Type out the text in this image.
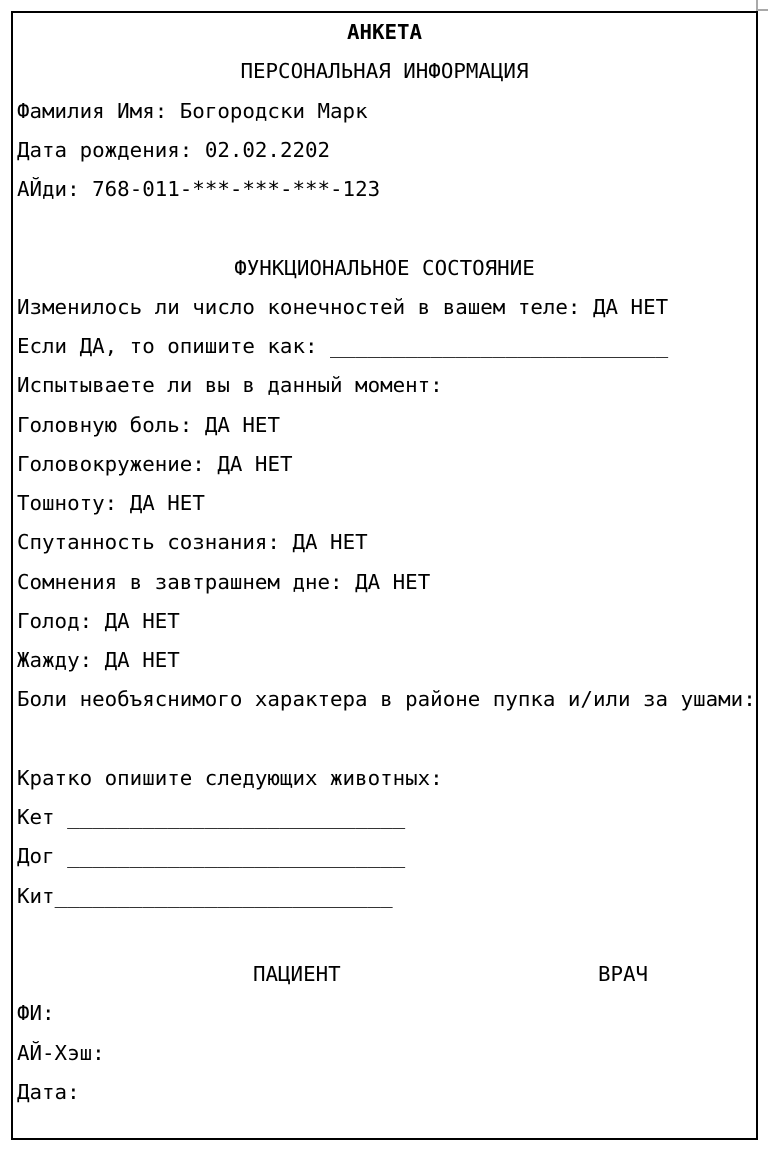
АНКЕТА
ПЕРСОНАЛЬНАЯ ИНФОРМАЦИЯ
Фамилия Имя: Богородски Марк
Дата рождения: 02.02.2202
АЙди: 768-011-***-***-***-123
ФУНКЦИОНАЛЬНОЕ СОСТОЯНИЕ
Изменилось ли число конечностей в вашем теле: ДА НЕТ
Если ДА, то опишите как: ___________________________
Испытываете ли вы в данный момент:
Головную боль: ДА НЕТ
Головокружение: ДА НЕТ
Тошноту: ДА НЕТ
Спутанность сознания: ДА НЕТ
Сомнения в завтрашнем дне: ДА НЕТ
Голод: ДА НЕТ
Жажду: ДА НЕТ
Боли необъяснимого характера в районе пупка и/или за ушами:
Кратко опишите следующих животных:
Кет ___________________________
Дог ___________________________
Кит___________________________
ПАЦИЕНТ	ВРАЧ
ФИ:
АЙ-Хэш:
Дата:
